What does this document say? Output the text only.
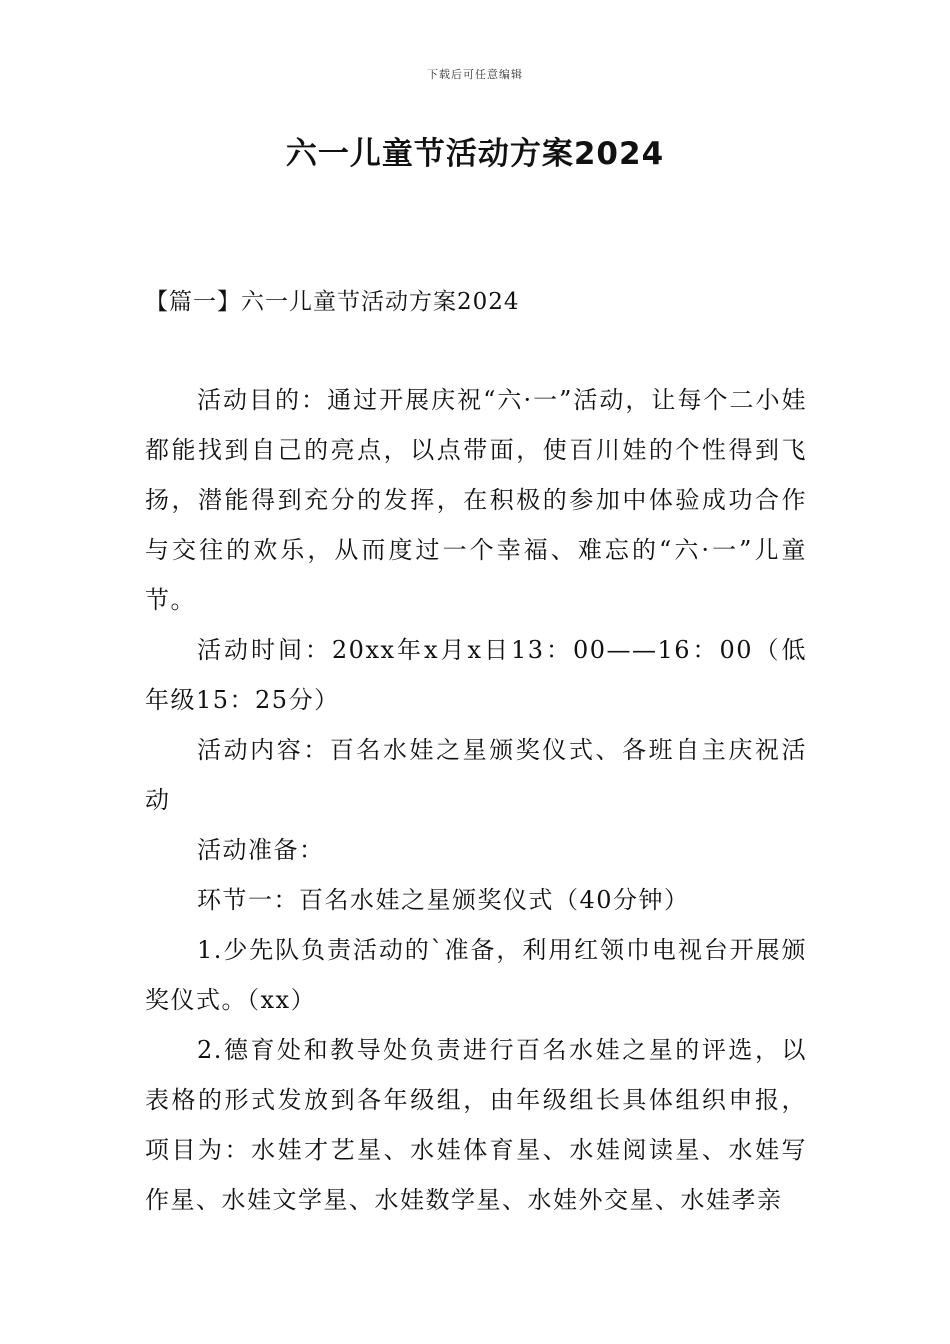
下载后可任意编辑
六一儿童节活动方案2024
【篇一】六一儿童节活动方案2024

活动目的：通过开展庆祝“六·一”活动，让每个二小娃都能找到自己的亮点，以点带面，使百川娃的个性得到飞扬，潜能得到充分的发挥，在积极的参加中体验成功合作与交往的欢乐，从而度过一个幸福、难忘的“六·一”儿童节。

活动时间：20xx年x月x日13：00——16：00（低年级15：25分）

活动内容：百名水娃之星颁奖仪式、各班自主庆祝活动

活动准备：

环节一：百名水娃之星颁奖仪式（40分钟）

1.少先队负责活动的`准备，利用红领巾电视台开展颁奖仪式。（xx）

2.德育处和教导处负责进行百名水娃之星的评选，以表格的形式发放到各年级组，由年级组长具体组织申报，项目为：水娃才艺星、水娃体育星、水娃阅读星、水娃写作星、水娃文学星、水娃数学星、水娃外交星、水娃孝亲
